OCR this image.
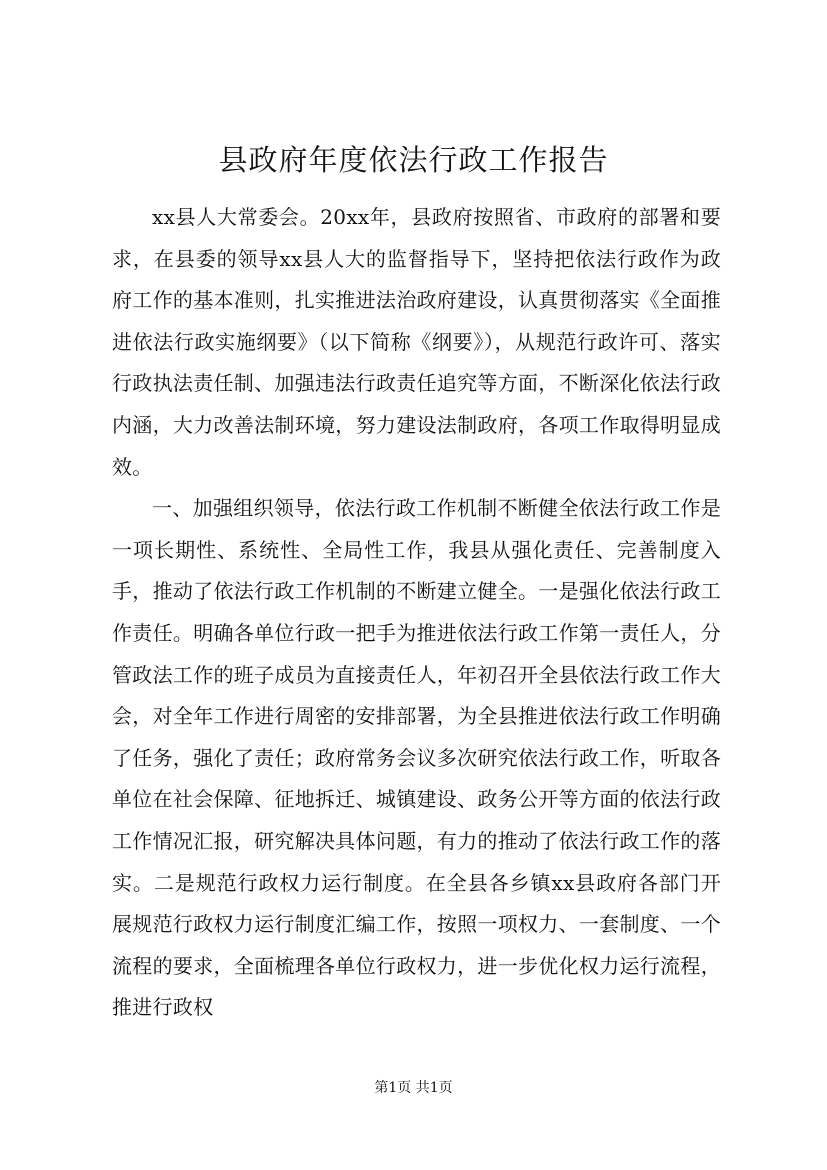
县政府年度依法行政工作报告

xx县人大常委会。20xx年，县政府按照省、市政府的部署和要求，在县委的领导xx县人大的监督指导下，坚持把依法行政作为政府工作的基本准则，扎实推进法治政府建设，认真贯彻落实《全面推进依法行政实施纲要》（以下简称《纲要》），从规范行政许可、落实行政执法责任制、加强违法行政责任追究等方面，不断深化依法行政内涵，大力改善法制环境，努力建设法制政府，各项工作取得明显成效。

一、加强组织领导，依法行政工作机制不断健全依法行政工作是一项长期性、系统性、全局性工作，我县从强化责任、完善制度入手，推动了依法行政工作机制的不断建立健全。一是强化依法行政工作责任。明确各单位行政一把手为推进依法行政工作第一责任人，分管政法工作的班子成员为直接责任人，年初召开全县依法行政工作大会，对全年工作进行周密的安排部署，为全县推进依法行政工作明确了任务，强化了责任；政府常务会议多次研究依法行政工作，听取各单位在社会保障、征地拆迁、城镇建设、政务公开等方面的依法行政工作情况汇报，研究解决具体问题，有力的推动了依法行政工作的落实。二是规范行政权力运行制度。在全县各乡镇xx县政府各部门开展规范行政权力运行制度汇编工作，按照一项权力、一套制度、一个流程的要求，全面梳理各单位行政权力，进一步优化权力运行流程，推进行政权

第1页 共1页
